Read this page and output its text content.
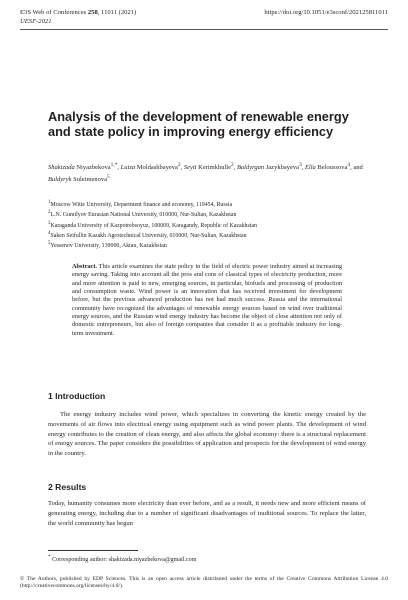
E3S Web of Conferences 258, 11011 (2021)	https://doi.org/10.1051/e3sconf/202125811011
UESF-2021
Analysis of the development of renewable energy and state policy in improving energy efficiency
Shakizada Niyazbekova$^{1,*}$, Luiza Moldashbayeva$^2$, Seyit Kerimkhulle$^2$, Baldyrgan Jazykbayeva$^3$, Ella Beloussova$^4$, and Buldyryk Suleimenova$^5$
$^1$Moscow Witte University, Department finance and economy, 119454, Russia
$^2$L.N. Gumilyov Eurasian National University, 010000, Nur-Sultan, Kazakhstan
$^3$Karaganda University of Kazpotrebsoyuz, 100009, Karagandy, Republic of Kazakhstan
$^4$Saken Seifullin Kazakh Agrotechnical University, 010000, Nur-Sultan, Kazakhstan
$^5$Yessenov University, 139000, Aktau, Kazakhstan
Abstract. This article examines the state policy in the field of electric power industry aimed at increasing energy saving. Taking into account all the pros and cons of classical types of electricity production, more and more attention is paid to new, emerging sources, in particular, biofuels and processing of production and consumption waste. Wind power is an innovation that has received investment for development before, but the previous advanced production has not had much success. Russia and the international community have recognized the advantages of renewable energy sources based on wind over traditional energy sources, and the Russian wind energy industry has become the object of close attention not only of domestic entrepreneurs, but also of foreign companies that consider it as a profitable industry for long-term investment.
1 Introduction
The energy industry includes wind power, which specializes in converting the kinetic energy created by the movements of air flows into electrical energy using equipment such as wind power plants. The development of wind energy contributes to the creation of clean energy, and also affects the global economy: there is a structural replacement of energy sources. The paper considers the possibilities of application and prospects for the development of wind energy in the country.
2 Results
Today, humanity consumes more electricity than ever before, and as a result, it needs new and more efficient means of generating energy, including due to a number of significant disadvantages of traditional sources. To replace the latter, the world community has begun
* Corresponding author: shakizada.niyazbekova@gmail.com
© The Authors, published by EDP Sciences. This is an open access article distributed under the terms of the Creative Commons Attribution License 4.0 (http://creativecommons.org/licenses/by/4.0/).
